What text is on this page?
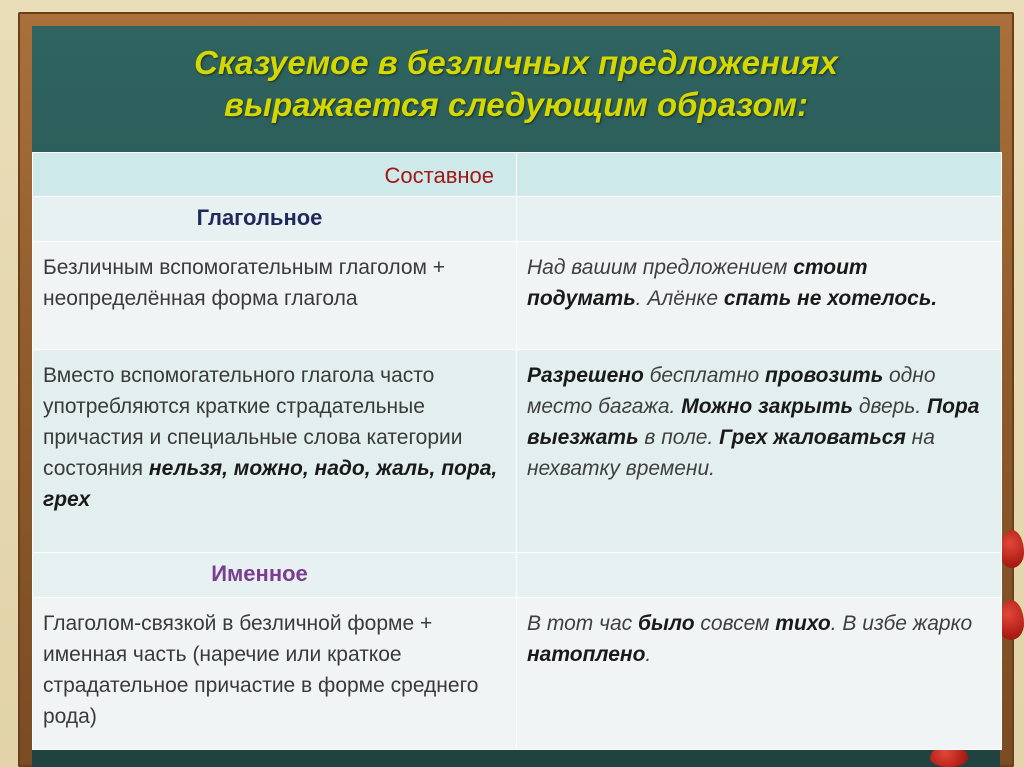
Сказуемое в безличных предложениях
выражается следующим образом:
Составное	

Глагольное	

Безличным вспомогательным глаголом + неопределённая форма глагола	Над вашим предложением стоит подумать. Алёнке спать не хотелось.

Вместо вспомогательного глагола часто употребляются краткие страдательные причастия и специальные слова категории состояния нельзя, можно, надо, жаль, пора, грех	Разрешено бесплатно провозить одно место багажа. Можно закрыть дверь. Пора выезжать в поле. Грех жаловаться на нехватку времени.

Именное	

Глаголом-связкой в безличной форме + именная часть (наречие или краткое страдательное причастие в форме среднего рода)	В тот час было совсем тихо. В избе жарко натоплено.
